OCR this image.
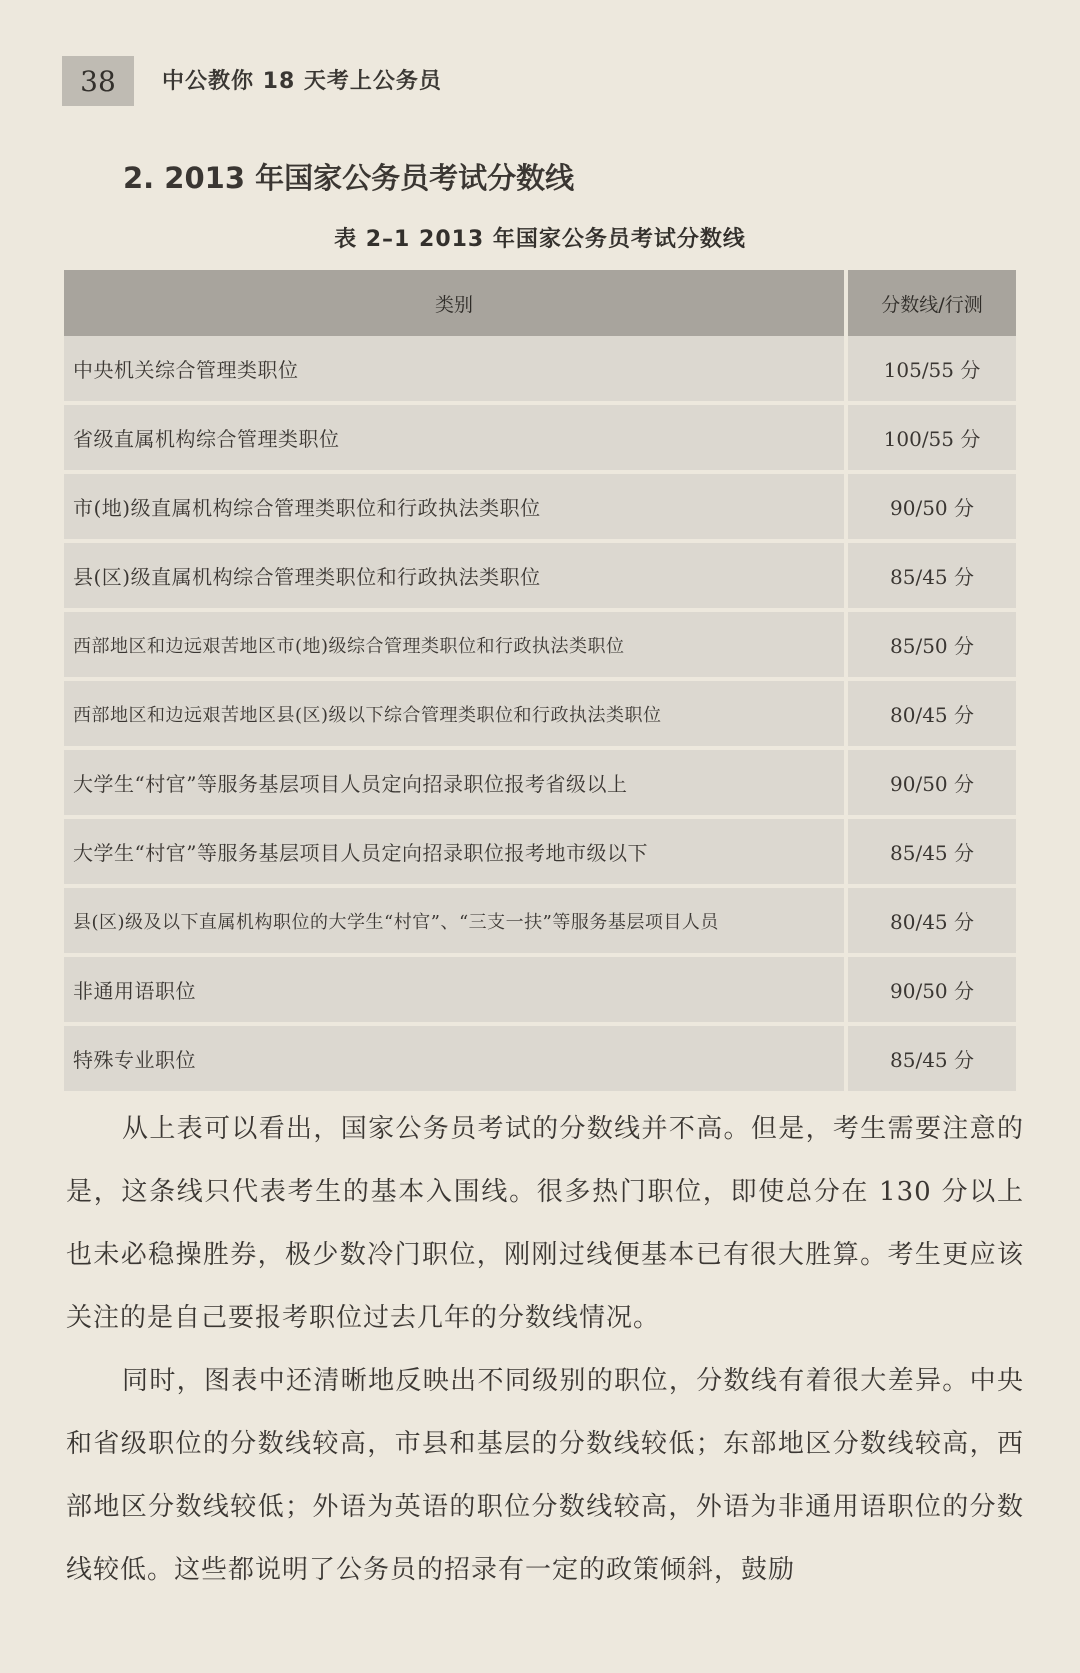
38	中公教你 18 天考上公务员
2. 2013 年国家公务员考试分数线
表 2–1 2013 年国家公务员考试分数线
类别	分数线/行测
中央机关综合管理类职位	105/55 分
省级直属机构综合管理类职位	100/55 分
市(地)级直属机构综合管理类职位和行政执法类职位	90/50 分
县(区)级直属机构综合管理类职位和行政执法类职位	85/45 分
西部地区和边远艰苦地区市(地)级综合管理类职位和行政执法类职位	85/50 分
西部地区和边远艰苦地区县(区)级以下综合管理类职位和行政执法类职位	80/45 分
大学生“村官”等服务基层项目人员定向招录职位报考省级以上	90/50 分
大学生“村官”等服务基层项目人员定向招录职位报考地市级以下	85/45 分
县(区)级及以下直属机构职位的大学生“村官”、“三支一扶”等服务基层项目人员	80/45 分
非通用语职位	90/50 分
特殊专业职位	85/45 分

从上表可以看出，国家公务员考试的分数线并不高。但是，考生需要注意的是，这条线只代表考生的基本入围线。很多热门职位，即使总分在 130 分以上也未必稳操胜券，极少数冷门职位，刚刚过线便基本已有很大胜算。考生更应该关注的是自己要报考职位过去几年的分数线情况。

同时，图表中还清晰地反映出不同级别的职位，分数线有着很大差异。中央和省级职位的分数线较高，市县和基层的分数线较低；东部地区分数线较高，西部地区分数线较低；外语为英语的职位分数线较高，外语为非通用语职位的分数线较低。这些都说明了公务员的招录有一定的政策倾斜，鼓励
